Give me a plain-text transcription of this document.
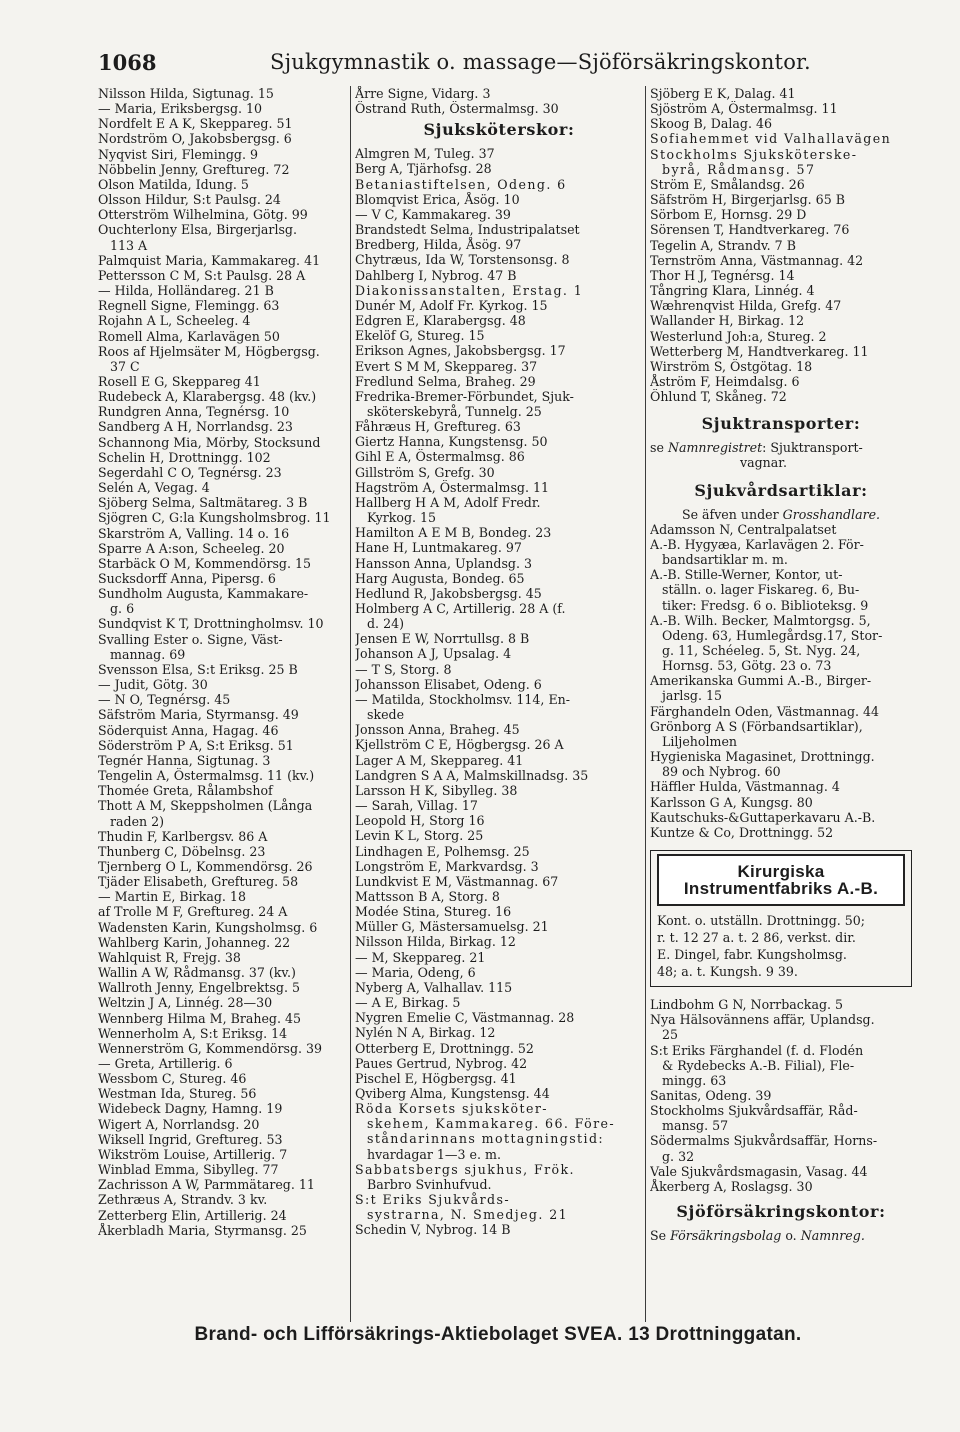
1068	Sjukgymnastik o. massage—Sjöförsäkringskontor.
Nilsson Hilda, Sigtunag. 15
— Maria, Eriksbergsg. 10
Nordfelt E A K, Skeppareg. 51
Nordström O, Jakobsbergsg. 6
Nyqvist Siri, Flemingg. 9
Nöbbelin Jenny, Greftureg. 72
Olson Matilda, Idung. 5
Olsson Hildur, S:t Paulsg. 24
Otterström Wilhelmina, Götg. 99
Ouchterlony Elsa, Birgerjarlsg.
113 A
Palmquist Maria, Kammakareg. 41
Pettersson C M, S:t Paulsg. 28 A
— Hilda, Holländareg. 21 B
Regnell Signe, Flemingg. 63
Rojahn A L, Scheeleg. 4
Romell Alma, Karlavägen 50
Roos af Hjelmsäter M, Högbergsg.
37 C
Rosell E G, Skeppareg 41
Rudebeck A, Klarabergsg. 48 (kv.)
Rundgren Anna, Tegnérsg. 10
Sandberg A H, Norrlandsg. 23
Schannong Mia, Mörby, Stocksund
Schelin H, Drottningg. 102
Segerdahl C O, Tegnérsg. 23
Selén A, Vegag. 4
Sjöberg Selma, Saltmätareg. 3 B
Sjögren C, G:la Kungsholmsbrog. 11
Skarström A, Valling. 14 o. 16
Sparre A A:son, Scheeleg. 20
Starbäck O M, Kommendörsg. 15
Sucksdorff Anna, Pipersg. 6
Sundholm Augusta, Kammakare-
g. 6
Sundqvist K T, Drottningholmsv. 10
Svalling Ester o. Signe, Väst-
mannag. 69
Svensson Elsa, S:t Eriksg. 25 B
— Judit, Götg. 30
— N O, Tegnérsg. 45
Säfström Maria, Styrmansg. 49
Söderquist Anna, Hagag. 46
Söderström P A, S:t Eriksg. 51
Tegnér Hanna, Sigtunag. 3
Tengelin A, Östermalmsg. 11 (kv.)
Thomée Greta, Rålambshof
Thott A M, Skeppsholmen (Långa
raden 2)
Thudin F, Karlbergsv. 86 A
Thunberg C, Döbelnsg. 23
Tjernberg O L, Kommendörsg. 26
Tjäder Elisabeth, Greftureg. 58
— Martin E, Birkag. 18
af Trolle M F, Greftureg. 24 A
Wadensten Karin, Kungsholmsg. 6
Wahlberg Karin, Johanneg. 22
Wahlquist R, Frejg. 38
Wallin A W, Rådmansg. 37 (kv.)
Wallroth Jenny, Engelbrektsg. 5
Weltzin J A, Linnég. 28—30
Wennberg Hilma M, Braheg. 45
Wennerholm A, S:t Eriksg. 14
Wennerström G, Kommendörsg. 39
— Greta, Artillerig. 6
Wessbom C, Stureg. 46
Westman Ida, Stureg. 56
Widebeck Dagny, Hamng. 19
Wigert A, Norrlandsg. 20
Wiksell Ingrid, Greftureg. 53
Wikström Louise, Artillerig. 7
Winblad Emma, Sibylleg. 77
Zachrisson A W, Parmmätareg. 11
Zethræus A, Strandv. 3 kv.
Zetterberg Elin, Artillerig. 24
Åkerbladh Maria, Styrmansg. 25
Årre Signe, Vidarg. 3
Östrand Ruth, Östermalmsg. 30
Sjuksköterskor:
Almgren M, Tuleg. 37
Berg A, Tjärhofsg. 28
Betaniastiftelsen, Odeng. 6
Blomqvist Erica, Åsög. 10
— V C, Kammakareg. 39
Brandstedt Selma, Industripalatset
Bredberg, Hilda, Åsög. 97
Chytræus, Ida W, Torstensonsg. 8
Dahlberg I, Nybrog. 47 B
Diakonissanstalten, Erstag. 1
Dunér M, Adolf Fr. Kyrkog. 15
Edgren E, Klarabergsg. 48
Ekelöf G, Stureg. 15
Erikson Agnes, Jakobsbergsg. 17
Evert S M M, Skeppareg. 37
Fredlund Selma, Braheg. 29
Fredrika-Bremer-Förbundet, Sjuk-
sköterskebyrå, Tunnelg. 25
Fåhræus H, Greftureg. 63
Giertz Hanna, Kungstensg. 50
Gihl E A, Östermalmsg. 86
Gillström S, Grefg. 30
Hagström A, Östermalmsg. 11
Hallberg H A M, Adolf Fredr.
Kyrkog. 15
Hamilton A E M B, Bondeg. 23
Hane H, Luntmakareg. 97
Hansson Anna, Uplandsg. 3
Harg Augusta, Bondeg. 65
Hedlund R, Jakobsbergsg. 45
Holmberg A C, Artillerig. 28 A (f.
d. 24)
Jensen E W, Norrtullsg. 8 B
Johanson A J, Upsalag. 4
— T S, Storg. 8
Johansson Elisabet, Odeng. 6
— Matilda, Stockholmsv. 114, En-
skede
Jonsson Anna, Braheg. 45
Kjellström C E, Högbergsg. 26 A
Lager A M, Skeppareg. 41
Landgren S A A, Malmskillnadsg. 35
Larsson H K, Sibylleg. 38
— Sarah, Villag. 17
Leopold H, Storg 16
Levin K L, Storg. 25
Lindhagen E, Polhemsg. 25
Longström E, Markvardsg. 3
Lundkvist E M, Västmannag. 67
Mattsson B A, Storg. 8
Modée Stina, Stureg. 16
Müller G, Mästersamuelsg. 21
Nilsson Hilda, Birkag. 12
— M, Skeppareg. 21
— Maria, Odeng, 6
Nyberg A, Valhallav. 115
— A E, Birkag. 5
Nygren Emelie C, Västmannag. 28
Nylén N A, Birkag. 12
Otterberg E, Drottningg. 52
Paues Gertrud, Nybrog. 42
Pischel E, Högbergsg. 41
Qviberg Alma, Kungstensg. 44
Röda Korsets sjuksköter-
skehem, Kammakareg. 66. Före-
ståndarinnans mottagningstid:
hvardagar 1—3 e. m.
Sabbatsbergs sjukhus, Frök.
Barbro Svinhufvud.
S:t Eriks Sjukvårds-
systrarna, N. Smedjeg. 21
Schedin V, Nybrog. 14 B
Sjöberg E K, Dalag. 41
Sjöström A, Östermalmsg. 11
Skoog B, Dalag. 46
Sofiahemmet vid Valhallavägen
Stockholms Sjuksköterske-
byrå, Rådmansg. 57
Ström E, Smålandsg. 26
Säfström H, Birgerjarlsg. 65 B
Sörbom E, Hornsg. 29 D
Sörensen T, Handtverkareg. 76
Tegelin A, Strandv. 7 B
Ternström Anna, Västmannag. 42
Thor H J, Tegnérsg. 14
Tångring Klara, Linnég. 4
Wæhrenqvist Hilda, Grefg. 47
Wallander H, Birkag. 12
Westerlund Joh:a, Stureg. 2
Wetterberg M, Handtverkareg. 11
Wirström S, Östgötag. 18
Åström F, Heimdalsg. 6
Öhlund T, Skåneg. 72
Sjuktransporter:
se Namnregistret: Sjuktransport-
vagnar.
Sjukvårdsartiklar:
Se äfven under Grosshandlare.
Adamsson N, Centralpalatset
A.-B. Hygyæa, Karlavägen 2. För-
bandsartiklar m. m.
A.-B. Stille-Werner, Kontor, ut-
ställn. o. lager Fiskareg. 6, Bu-
tiker: Fredsg. 6 o. Biblioteksg. 9
A.-B. Wilh. Becker, Malmtorgsg. 5,
Odeng. 63, Humlegårdsg.17, Stor-
g. 11, Schéeleg. 5, St. Nyg. 24,
Hornsg. 53, Götg. 23 o. 73
Amerikanska Gummi A.-B., Birger-
jarlsg. 15
Färghandeln Oden, Västmannag. 44
Grönborg A S (Förbandsartiklar),
Liljeholmen
Hygieniska Magasinet, Drottningg.
89 och Nybrog. 60
Häffler Hulda, Västmannag. 4
Karlsson G A, Kungsg. 80
Kautschuks-&Guttaperkavaru A.-B.
Kuntze & Co, Drottningg. 52
Kirurgiska Instrumentfabriks A.-B.
Kont. o. utställn. Drottningg. 50;
r. t. 12 27 a. t. 2 86, verkst. dir.
E. Dingel, fabr. Kungsholmsg.
48; a. t. Kungsh. 9 39.
Lindbohm G N, Norrbackag. 5
Nya Hälsovännens affär, Uplandsg.
25
S:t Eriks Färghandel (f. d. Flodén
& Rydebecks A.-B. Filial), Fle-
mingg. 63
Sanitas, Odeng. 39
Stockholms Sjukvårdsaffär, Råd-
mansg. 57
Södermalms Sjukvårdsaffär, Horns-
g. 32
Vale Sjukvårdsmagasin, Vasag. 44
Åkerberg A, Roslagsg. 30
Sjöförsäkringskontor:
Se Försäkringsbolag o. Namnreg.
Brand- och Lifförsäkrings-Aktiebolaget SVEA. 13 Drottninggatan.
